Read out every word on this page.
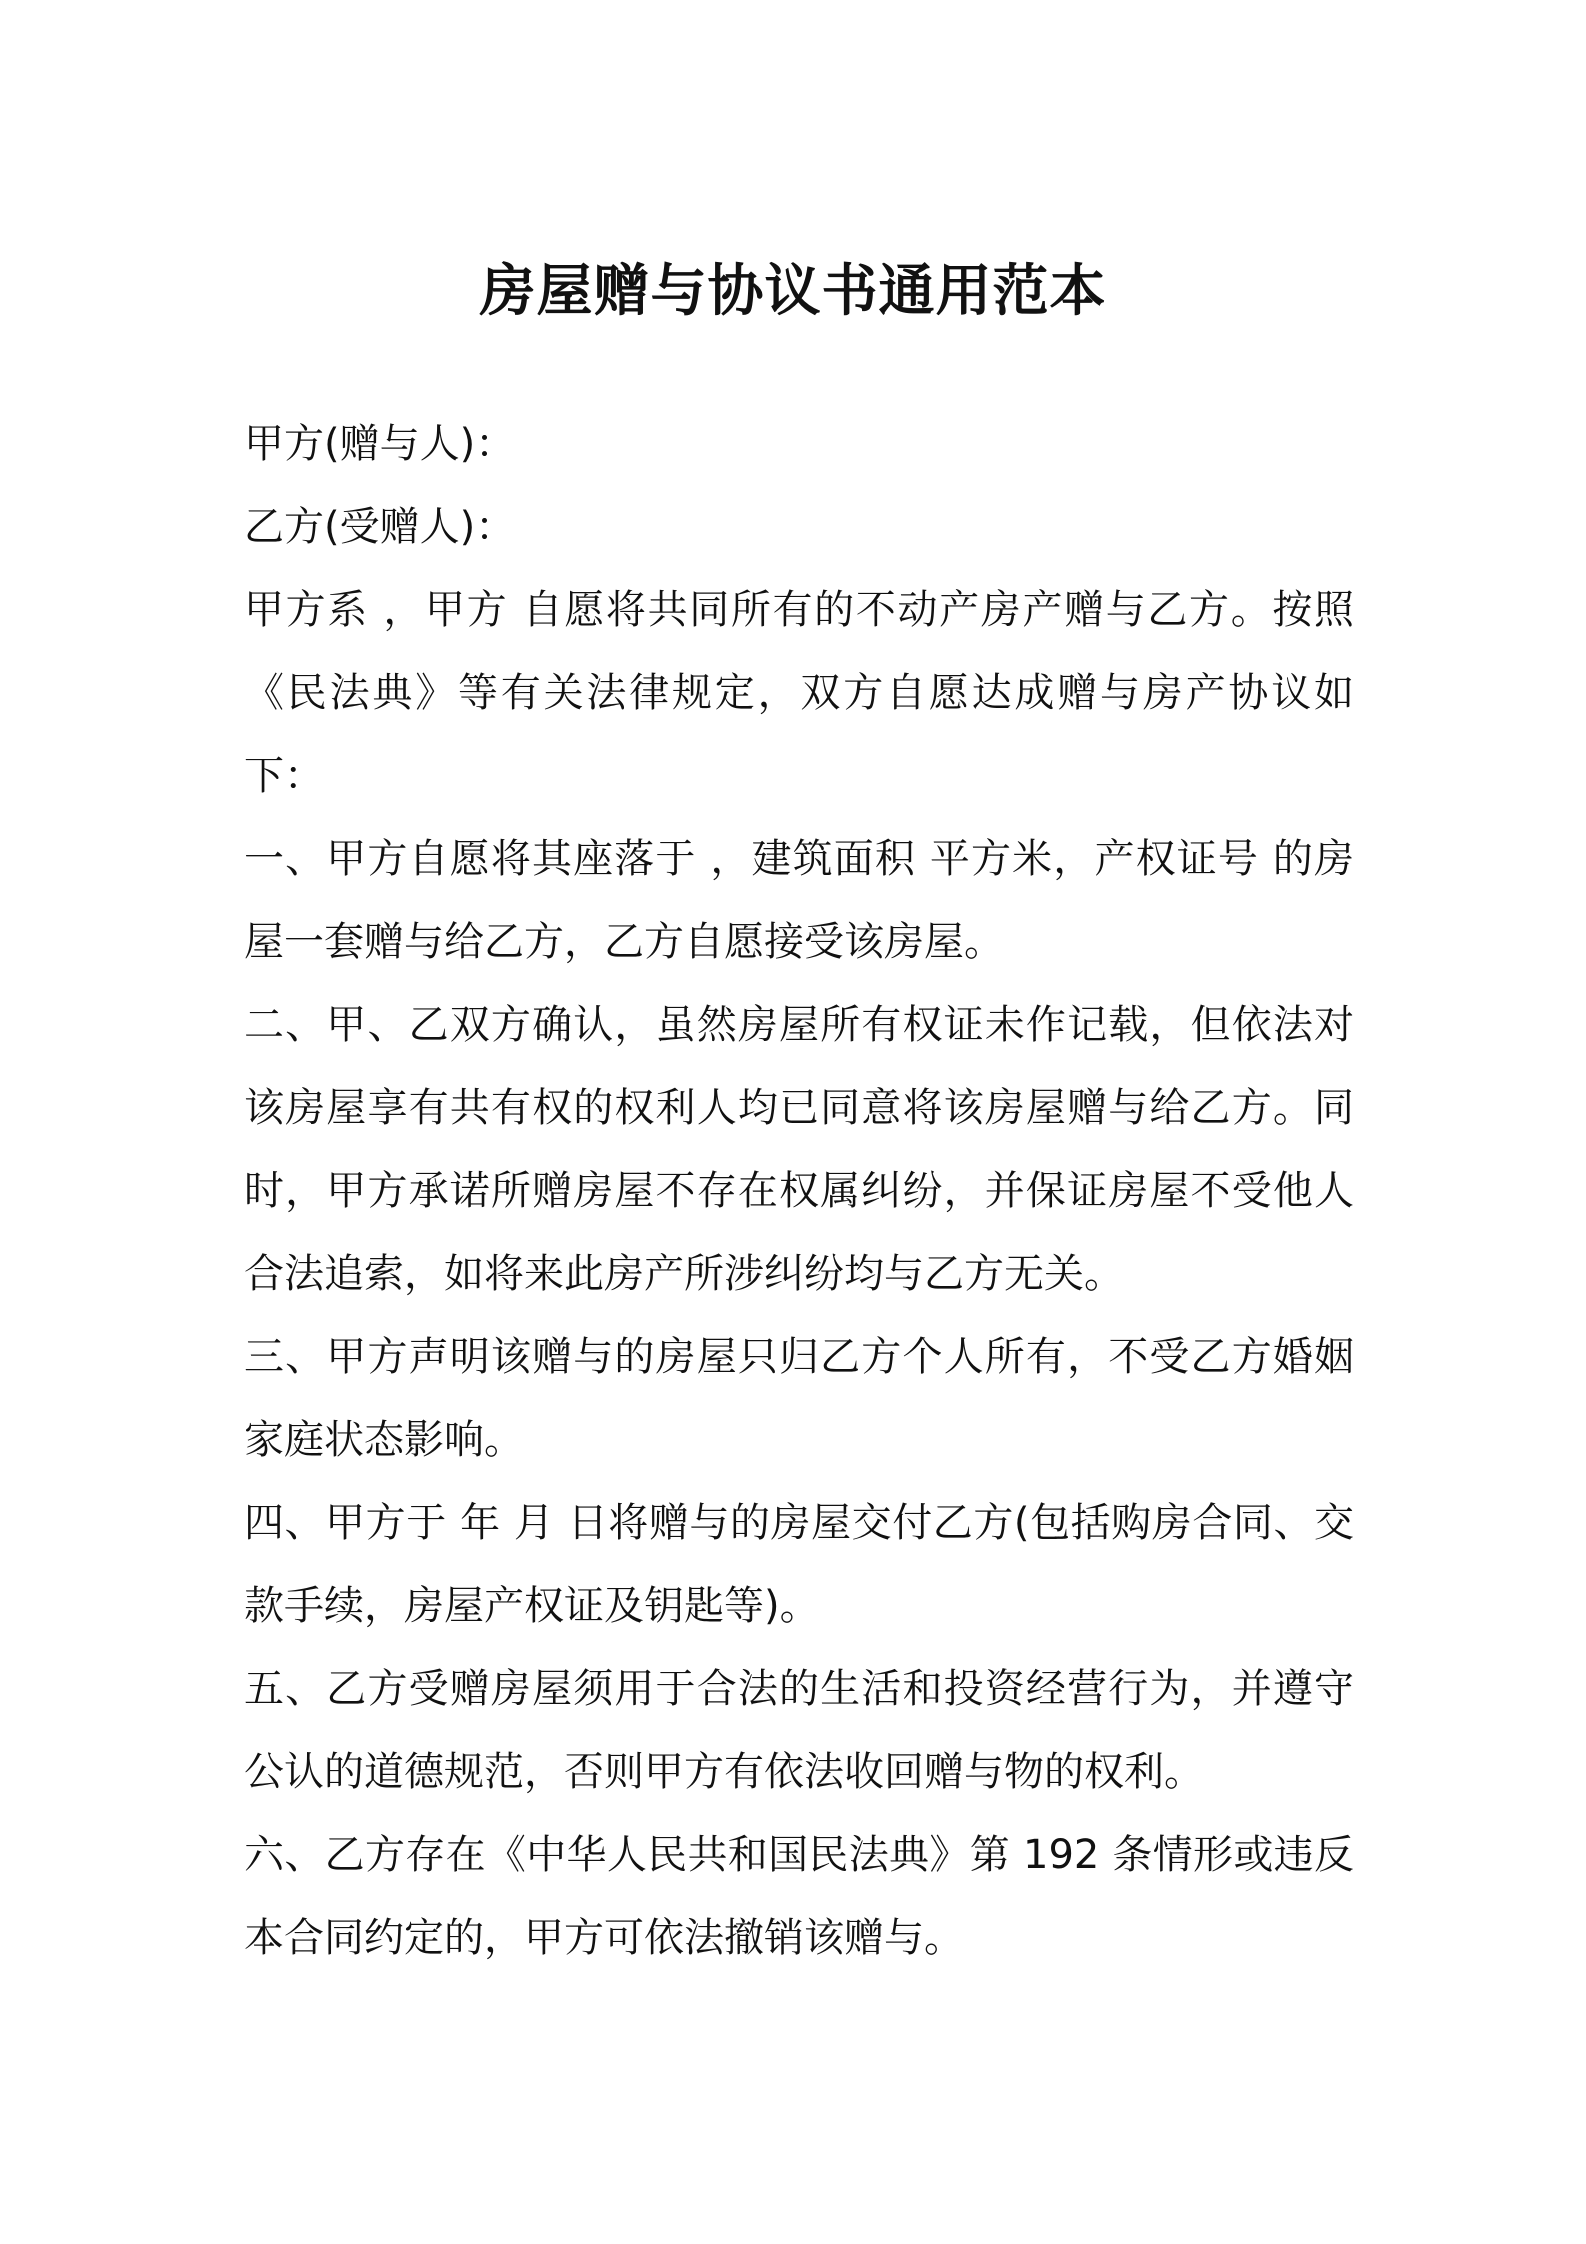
房屋赠与协议书通用范本

甲方(赠与人)：

乙方(受赠人)：

甲方系 ，甲方 自愿将共同所有的不动产房产赠与乙方。按照《民法典》等有关法律规定，双方自愿达成赠与房产协议如下：

一、甲方自愿将其座落于 ，建筑面积 平方米，产权证号 的房屋一套赠与给乙方，乙方自愿接受该房屋。

二、甲、乙双方确认，虽然房屋所有权证未作记载，但依法对该房屋享有共有权的权利人均已同意将该房屋赠与给乙方。同时，甲方承诺所赠房屋不存在权属纠纷，并保证房屋不受他人合法追索，如将来此房产所涉纠纷均与乙方无关。

三、甲方声明该赠与的房屋只归乙方个人所有，不受乙方婚姻家庭状态影响。

四、甲方于 年 月 日将赠与的房屋交付乙方(包括购房合同、交款手续，房屋产权证及钥匙等)。

五、乙方受赠房屋须用于合法的生活和投资经营行为，并遵守公认的道德规范，否则甲方有依法收回赠与物的权利。

六、乙方存在《中华人民共和国民法典》第 192 条情形或违反本合同约定的，甲方可依法撤销该赠与。
